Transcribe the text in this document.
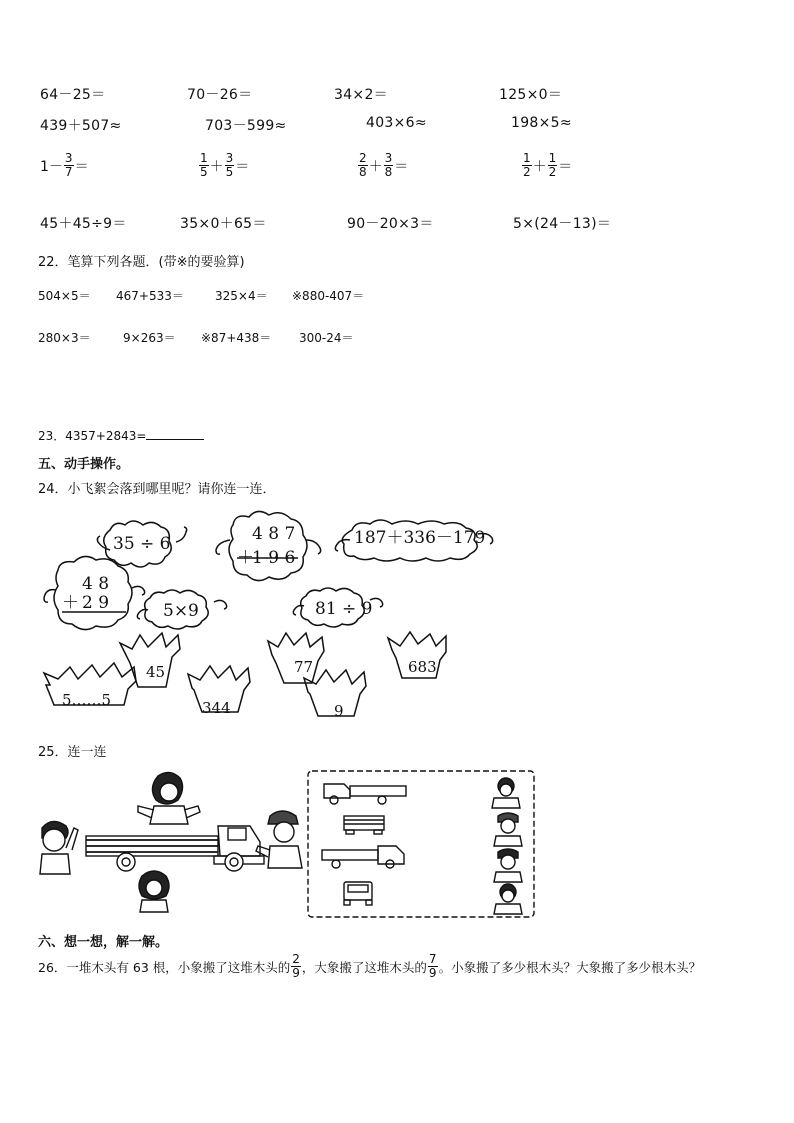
64－25＝	70－26＝	34×2＝	125×0＝
439＋507≈	703－599≈	403×6≈	198×5≈
$1- \frac{3}{7}$ ＝	$\frac{1}{5} + \frac{3}{5}$ ＝	$\frac{2}{8} + \frac{3}{8}$ ＝	$\frac{1}{2} + \frac{1}{2}$ ＝
45＋45÷9＝	35×0＋65＝	90－20×3＝	5×(24－13)＝
22．笔算下列各题．(带※的要验算)
504×5＝ 467+533＝	325×4＝ ※880-407＝
280×3＝	9×263＝ ※87+438＝ 300-24＝
23．4357+2843=
五、动手操作。
24．小飞絮会落到哪里呢？请你连一连．
35 ÷ 6	4 8 7
＋
1 9 6
187＋336－179
4 8
＋ 2 9	5×9	81 ÷ 9
45	77	683
5……5	344	9
25．连一连
六、想一想，解一解。
26．一堆木头有 63 根，小象搬了这堆木头的 $\frac{2}{9}$ ，大象搬了这堆木头的 $\frac{7}{9}$ 。小象搬了多少根木头？大象搬了多少根木头？
